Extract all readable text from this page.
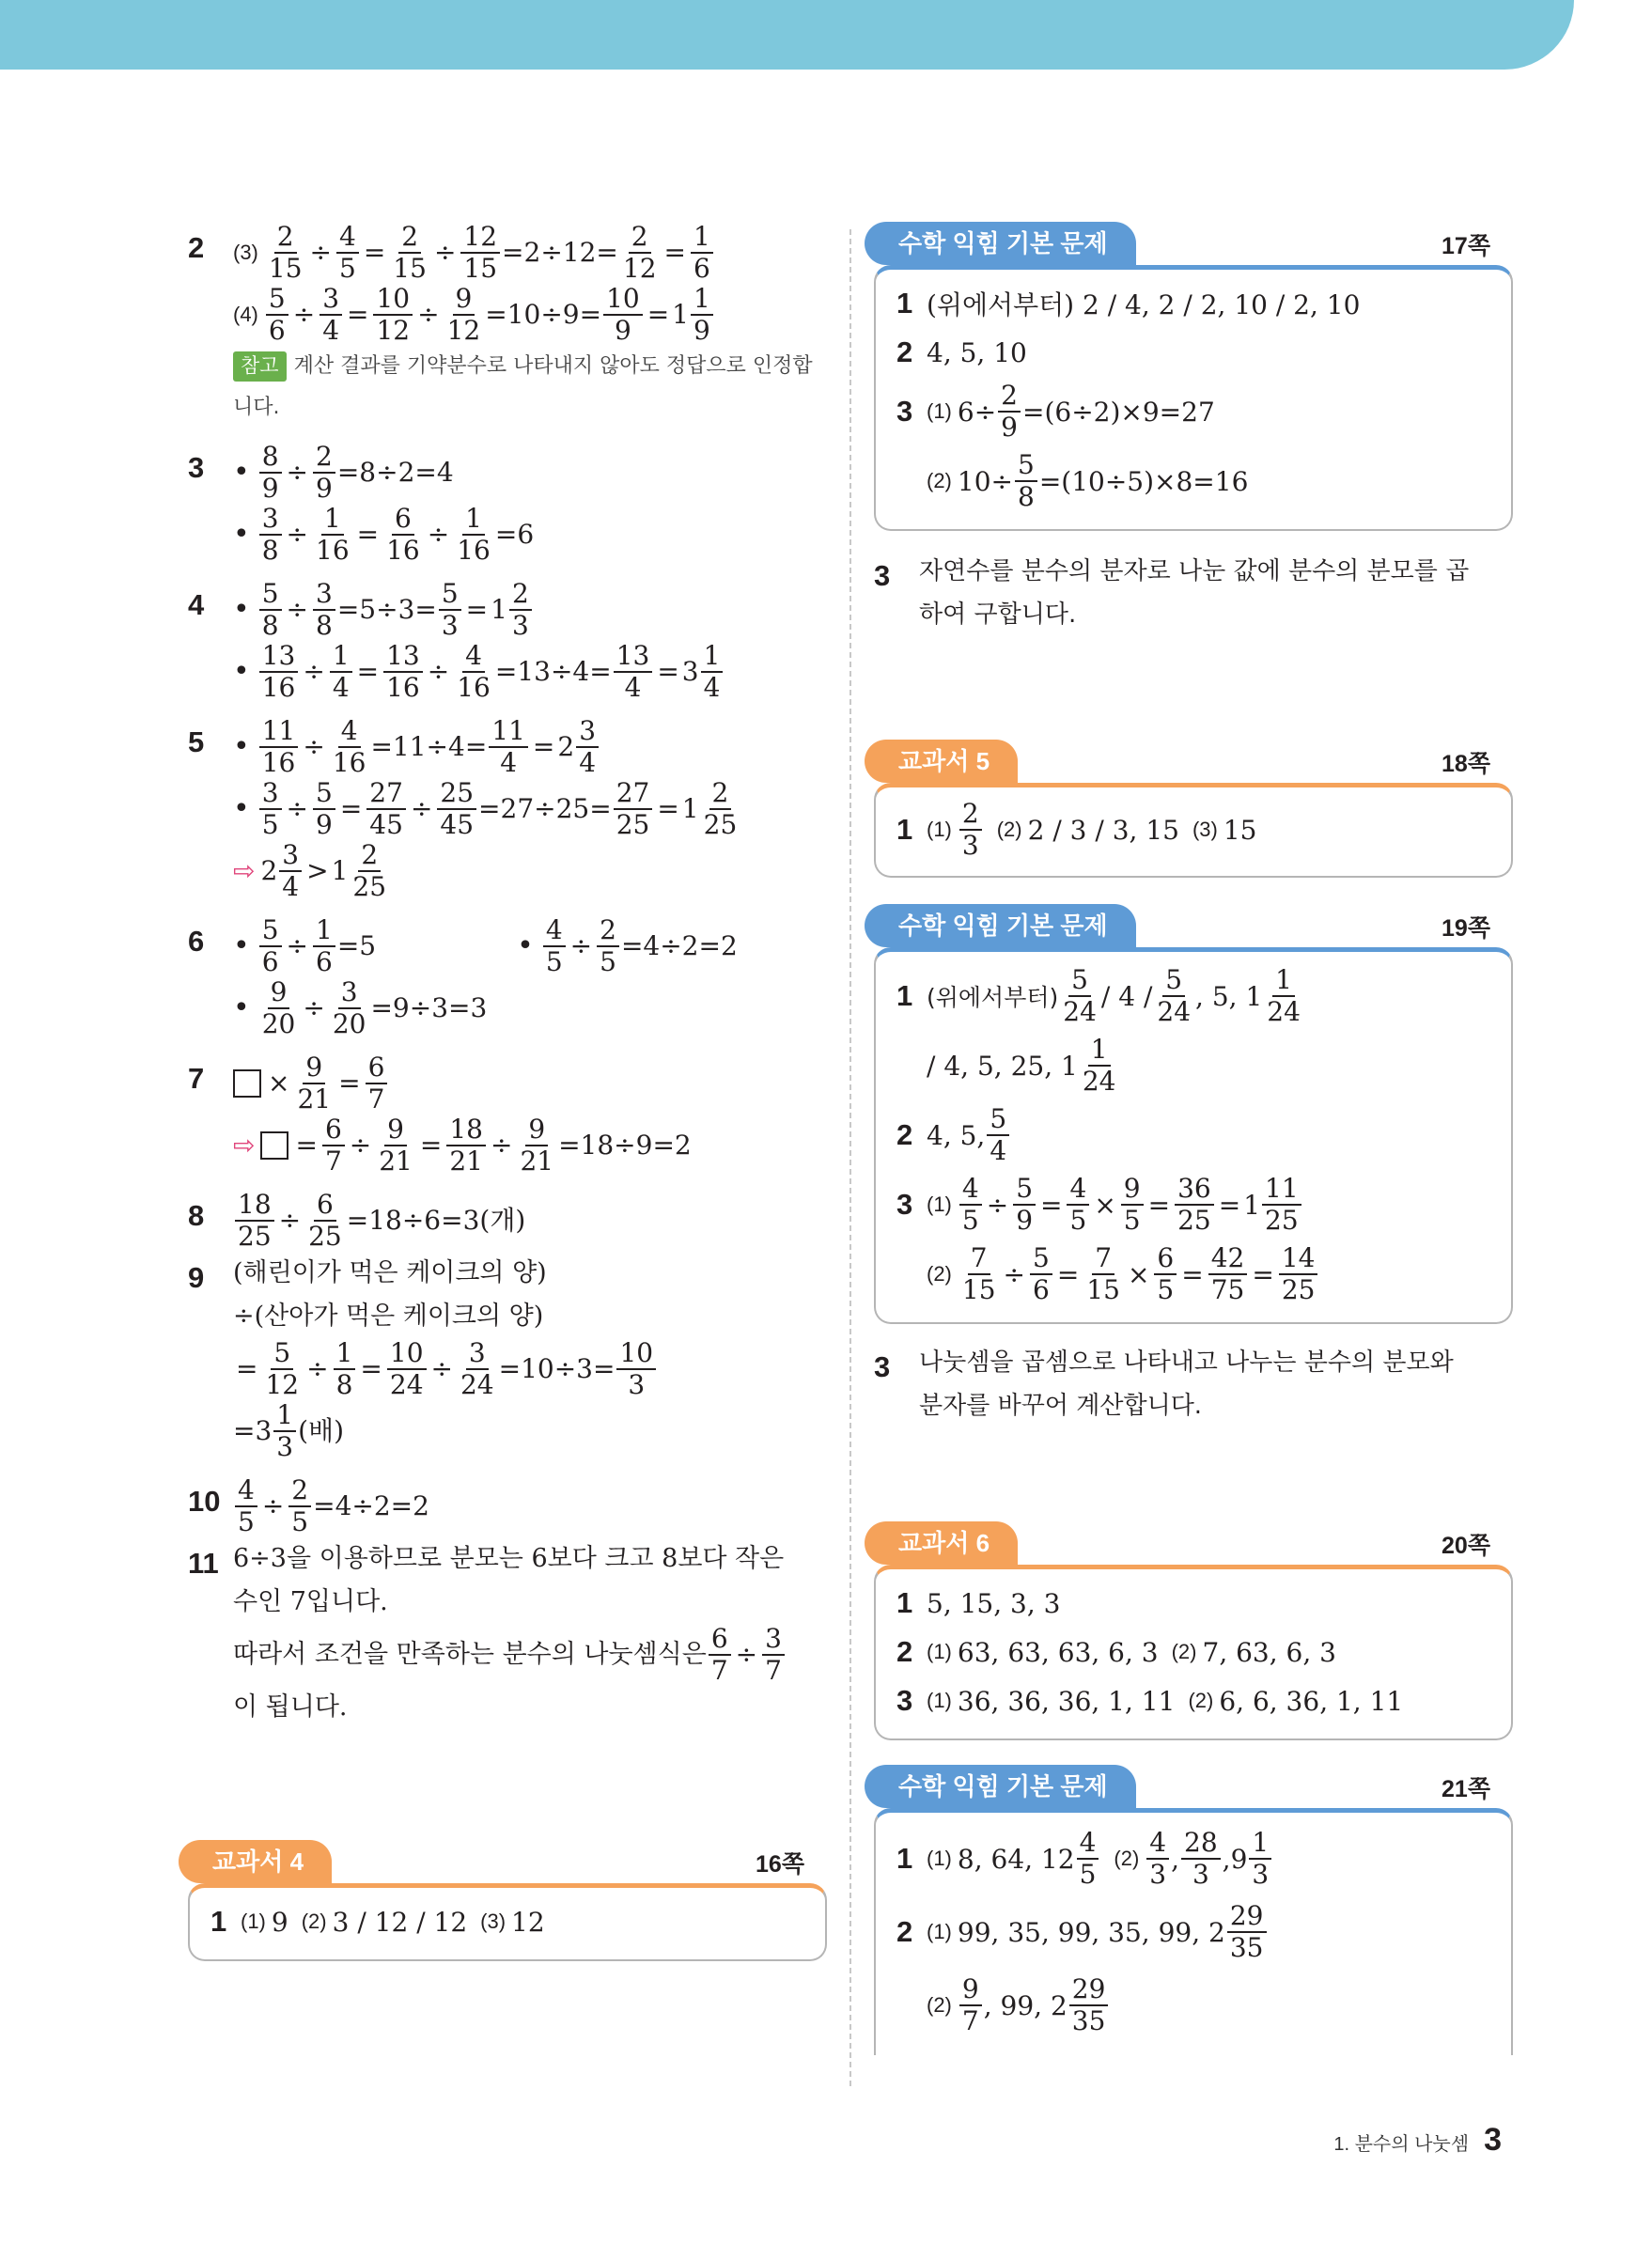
2	$(3) \frac{2}{15} \div \frac{4}{5} = \frac{2}{15} \div \frac{12}{15} =2\div 12= \frac{2}{12} = \frac{1}{6}$
$(4) \frac{5}{6} \div \frac{3}{4} = \frac{10}{12} \div \frac{9}{12} =10\div 9= \frac{10}{9} = 1 \frac{1}{9}$
참고 계산 결과를 기약분수로 나타내지 않아도 정답으로 인정합니다.
3	• $\frac{8}{9} \div \frac{2}{9} =8\div 2=4$
• $\frac{3}{8} \div \frac{1}{16} = \frac{6}{16} \div \frac{1}{16} =6$
4	• $\frac{5}{8} \div \frac{3}{8} =5\div 3= \frac{5}{3} = 1 \frac{2}{3}$
• $\frac{13}{16} \div \frac{1}{4} = \frac{13}{16} \div \frac{4}{16} =13\div 4= \frac{13}{4} = 3 \frac{1}{4}$
5	• $\frac{11}{16} \div \frac{4}{16} =11\div 4= \frac{11}{4} = 2 \frac{3}{4}$
• $\frac{3}{5} \div \frac{5}{9} = \frac{27}{45} \div \frac{25}{45} =27\div 25= \frac{27}{25} = 1 \frac{2}{25}$
⇨ $2 \frac{3}{4} > 1 \frac{2}{25}$
6	• $\frac{5}{6} \div \frac{1}{6} =5$	• $\frac{4}{5} \div \frac{2}{5} =4\div 2=2$
• $\frac{9}{20} \div \frac{3}{20} =9\div 3=3$
7	× $\frac{9}{21} = \frac{6}{7}$
⇨ = $\frac{6}{7} \div \frac{9}{21} = \frac{18}{21} \div \frac{9}{21} =18\div 9=2$
8	$\frac{18}{25} \div \frac{6}{25} =18\div 6=3$(개)
9	(해린이가 먹은 케이크의 양)
÷(산아가 먹은 케이크의 양)
= $\frac{5}{12} \div \frac{1}{8} = \frac{10}{24} \div \frac{3}{24} =10\div 3= \frac{10}{3}$
$=3 \frac{1}{3}$ (배)
$10 \frac{4}{5} \div \frac{2}{5} =4\div 2=2$
11 6÷3을 이용하므로 분모는 6보다 크고 8보다 작은
수인 7입니다.
따라서 조건을 만족하는 분수의 나눗셈식은 $\frac{6}{7} \div \frac{3}{7}$
이 됩니다.
교과서 4	16쪽
1 (1) 9 (2) 3 / 12 / 12 (3) 12
수학 익힘 기본 문제	17쪽
1 (위에서부터) 2 / 4, 2 / 2, 10 / 2, 10
2 4, 5, 10
3 (1) $6\div \frac{2}{9} =(6\div 2)\times 9=27$
(2) $10\div \frac{5}{8} =(10\div 5)\times 8=16$
3	자연수를 분수의 분자로 나눈 값에 분수의 분모를 곱
하여 구합니다.
교과서 5	18쪽
1 $(1) \frac{2}{3} (2)$ 2 / 3 / 3, 15 (3) 15
수학 익힘 기본 문제	19쪽
1 (위에서부터) $\frac{5}{24} / 4 / \frac{5}{24}$ , 5, $1 \frac{1}{24}$
/ 4, 5, 25, $1 \frac{1}{24}$
2 4, 5, $\frac{5}{4}$
3 $(1) \frac{4}{5} \div \frac{5}{9} = \frac{4}{5} \times \frac{9}{5} = \frac{36}{25} = 1 \frac{11}{25}$
$(2) \frac{7}{15} \div \frac{5}{6} = \frac{7}{15} \times \frac{6}{5} = \frac{42}{75} = \frac{14}{25}$
3	나눗셈을 곱셈으로 나타내고 나누는 분수의 분모와
분자를 바꾸어 계산합니다.
교과서 6	20쪽
1 5, 15, 3, 3
2 (1) 63, 63, 63, 6, 3 (2) 7, 63, 6, 3
3 (1) 36, 36, 36, 1, 11 (2) 6, 6, 36, 1, 11
수학 익힘 기본 문제	21쪽
1 (1) 8, 64, $12 \frac{4}{5} (2) \frac{4}{3}$ , $\frac{28}{3}$ , $9 \frac{1}{3}$
2 (1) 99, 35, 99, 35, 99, $2 \frac{29}{35}$
$(2) \frac{9}{7}$ , 99, $2 \frac{29}{35}$
1. 분수의 나눗셈 3
